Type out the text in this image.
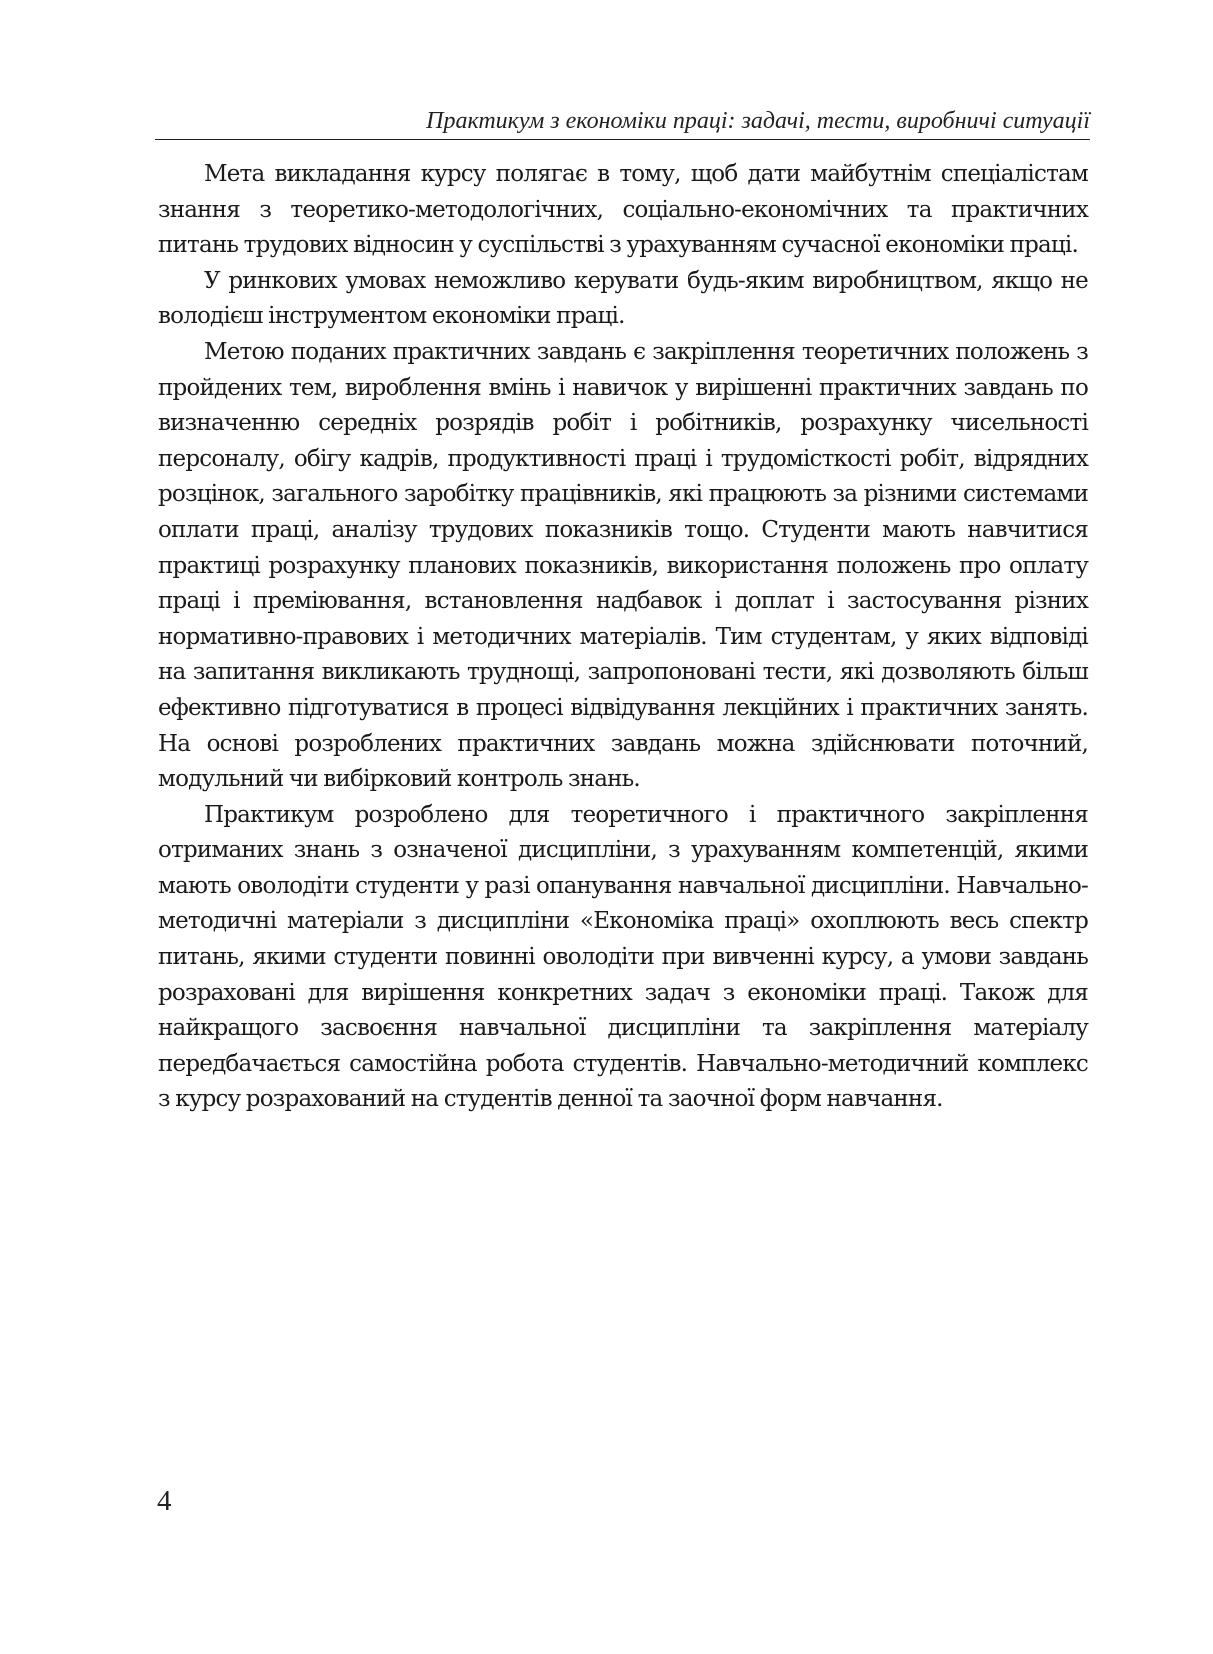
Практикум з економіки праці: задачі, тести, виробничі ситуації

Мета викладання курсу полягає в тому, щоб дати майбутнім спеціалістам знання з теоретико-методологічних, соціально-економічних та практичних питань трудових відносин у суспільстві з урахуванням сучасної економіки праці.

У ринкових умовах неможливо керувати будь-яким виробництвом, якщо не володієш інструментом економіки праці.

Метою поданих практичних завдань є закріплення теоретичних положень з пройдених тем, вироблення вмінь і навичок у вирішенні практичних завдань по визначенню середніх розрядів робіт і робітників, розрахунку чисельності персоналу, обігу кадрів, продуктивності праці і трудомісткості робіт, відрядних розцінок, загального заробітку працівників, які працюють за різними системами оплати праці, аналізу трудових показників тощо. Студенти мають навчитися практиці розрахунку планових показників, використання положень про оплату праці і преміювання, встановлення надбавок і доплат і застосування різних нормативно-правових і методичних матеріалів. Тим студентам, у яких відповіді на запитання викликають труднощі, запропоновані тести, які дозволяють більш ефективно підготуватися в процесі відвідування лекційних і практичних занять. На основі розроблених практичних завдань можна здійснювати поточний, модульний чи вибірковий контроль знань.

Практикум розроблено для теоретичного і практичного закріплення отриманих знань з означеної дисципліни, з урахуванням компетенцій, якими мають оволодіти студенти у разі опанування навчальної дисципліни. Навчально-методичні матеріали з дисципліни «Економіка праці» охоплюють весь спектр питань, якими студенти повинні оволодіти при вивченні курсу, а умови завдань розраховані для вирішення конкретних задач з економіки праці. Також для найкращого засвоєння навчальної дисципліни та закріплення матеріалу передбачається самостійна робота студентів. Навчально-методичний комплекс з курсу розрахований на студентів денної та заочної форм навчання.

4
